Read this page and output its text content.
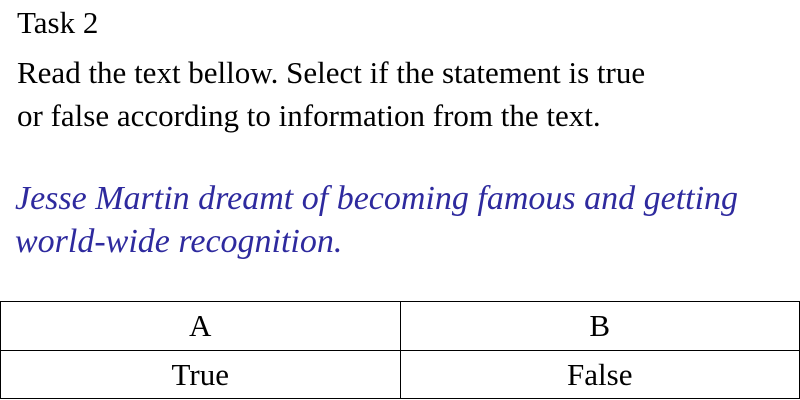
Task 2
Read the text bellow. Select if the statement is true
or false according to information from the text.
Jesse Martin dreamt of becoming famous and getting
world-wide recognition.
A	B
True	False
